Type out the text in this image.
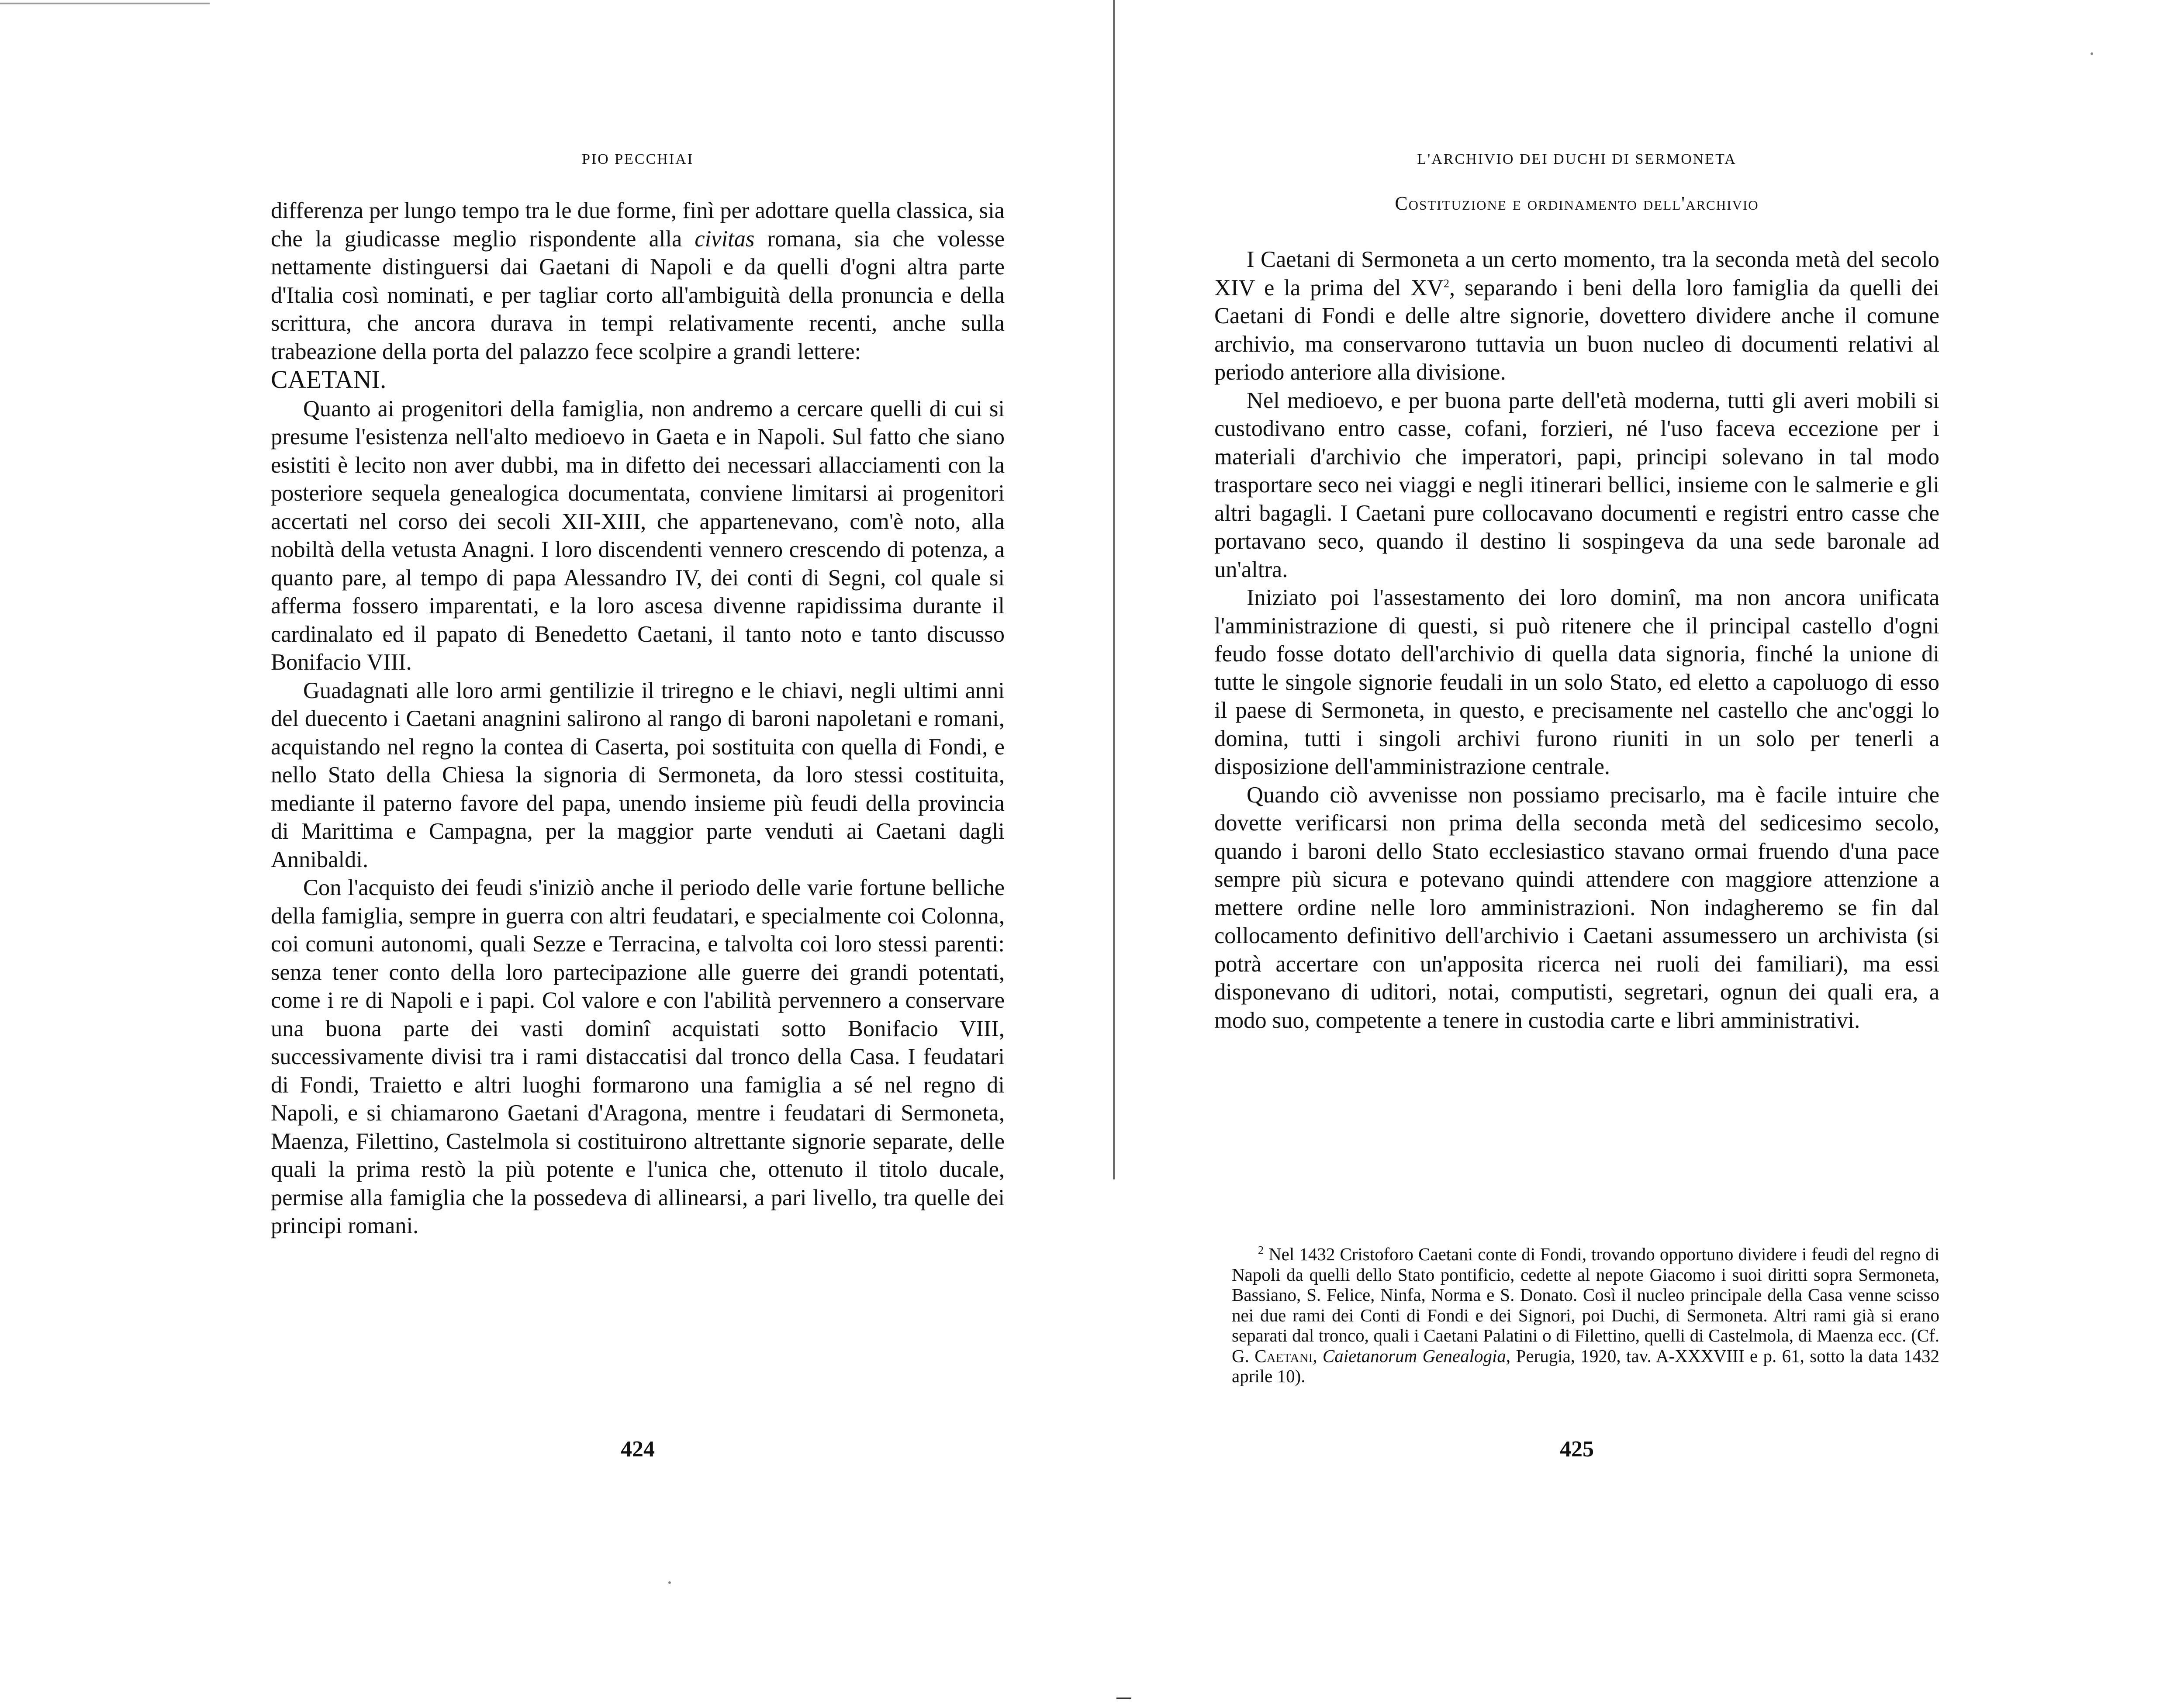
PIO PECCHIAI

differenza per lungo tempo tra le due forme, finì per adottare quella classica, sia che la giudicasse meglio rispondente alla civitas romana, sia che volesse nettamente distinguersi dai Gaetani di Napoli e da quelli d'ogni altra parte d'Italia così nominati, e per tagliar corto all'ambiguità della pronuncia e della scrittura, che ancora durava in tempi relativamente recenti, anche sulla trabeazione della porta del palazzo fece scolpire a grandi lettere:
CAETANI.

Quanto ai progenitori della famiglia, non andremo a cercare quelli di cui si presume l'esistenza nell'alto medioevo in Gaeta e in Napoli. Sul fatto che siano esistiti è lecito non aver dubbi, ma in difetto dei necessari allacciamenti con la posteriore sequela genealogica documentata, conviene limitarsi ai progenitori accertati nel corso dei secoli XII-XIII, che appartenevano, com'è noto, alla nobiltà della vetusta Anagni. I loro discendenti vennero crescendo di potenza, a quanto pare, al tempo di papa Alessandro IV, dei conti di Segni, col quale si afferma fossero imparentati, e la loro ascesa divenne rapidissima durante il cardinalato ed il papato di Benedetto Caetani, il tanto noto e tanto discusso Bonifacio VIII.

Guadagnati alle loro armi gentilizie il triregno e le chiavi, negli ultimi anni del duecento i Caetani anagnini salirono al rango di baroni napoletani e romani, acquistando nel regno la contea di Caserta, poi sostituita con quella di Fondi, e nello Stato della Chiesa la signoria di Sermoneta, da loro stessi costituita, mediante il paterno favore del papa, unendo insieme più feudi della provincia di Marittima e Campagna, per la maggior parte venduti ai Caetani dagli Annibaldi.

Con l'acquisto dei feudi s'iniziò anche il periodo delle varie fortune belliche della famiglia, sempre in guerra con altri feudatari, e specialmente coi Colonna, coi comuni autonomi, quali Sezze e Terracina, e talvolta coi loro stessi parenti: senza tener conto della loro partecipazione alle guerre dei grandi potentati, come i re di Napoli e i papi. Col valore e con l'abilità pervennero a conservare una buona parte dei vasti dominî acquistati sotto Bonifacio VIII, successivamente divisi tra i rami distaccatisi dal tronco della Casa. I feudatari di Fondi, Traietto e altri luoghi formarono una famiglia a sé nel regno di Napoli, e si chiamarono Gaetani d'Aragona, mentre i feudatari di Sermoneta, Maenza, Filettino, Castelmola si costituirono altrettante signorie separate, delle quali la prima restò la più potente e l'unica che, ottenuto il titolo ducale, permise alla famiglia che la possedeva di allinearsi, a pari livello, tra quelle dei principi romani.

424
L'ARCHIVIO DEI DUCHI DI SERMONETA
Costituzione e ordinamento dell'archivio

I Caetani di Sermoneta a un certo momento, tra la seconda metà del secolo XIV e la prima del $XV^2$, separando i beni della loro famiglia da quelli dei Caetani di Fondi e delle altre signorie, dovettero dividere anche il comune archivio, ma conservarono tuttavia un buon nucleo di documenti relativi al periodo anteriore alla divisione.

Nel medioevo, e per buona parte dell'età moderna, tutti gli averi mobili si custodivano entro casse, cofani, forzieri, né l'uso faceva eccezione per i materiali d'archivio che imperatori, papi, principi solevano in tal modo trasportare seco nei viaggi e negli itinerari bellici, insieme con le salmerie e gli altri bagagli. I Caetani pure collocavano documenti e registri entro casse che portavano seco, quando il destino li sospingeva da una sede baronale ad un'altra.

Iniziato poi l'assestamento dei loro dominî, ma non ancora unificata l'amministrazione di questi, si può ritenere che il principal castello d'ogni feudo fosse dotato dell'archivio di quella data signoria, finché la unione di tutte le singole signorie feudali in un solo Stato, ed eletto a capoluogo di esso il paese di Sermoneta, in questo, e precisamente nel castello che anc'oggi lo domina, tutti i singoli archivi furono riuniti in un solo per tenerli a disposizione dell'amministrazione centrale.

Quando ciò avvenisse non possiamo precisarlo, ma è facile intuire che dovette verificarsi non prima della seconda metà del sedicesimo secolo, quando i baroni dello Stato ecclesiastico stavano ormai fruendo d'una pace sempre più sicura e potevano quindi attendere con maggiore attenzione a mettere ordine nelle loro amministrazioni. Non indagheremo se fin dal collocamento definitivo dell'archivio i Caetani assumessero un archivista (si potrà accertare con un'apposita ricerca nei ruoli dei familiari), ma essi disponevano di uditori, notai, computisti, segretari, ognun dei quali era, a modo suo, competente a tenere in custodia carte e libri amministrativi.

$^2$ Nel 1432 Cristoforo Caetani conte di Fondi, trovando opportuno dividere i feudi del regno di Napoli da quelli dello Stato pontificio, cedette al nepote Giacomo i suoi diritti sopra Sermoneta, Bassiano, S. Felice, Ninfa, Norma e S. Donato. Così il nucleo principale della Casa venne scisso nei due rami dei Conti di Fondi e dei Signori, poi Duchi, di Sermoneta. Altri rami già si erano separati dal tronco, quali i Caetani Palatini o di Filettino, quelli di Castelmola, di Maenza ecc. (Cf. G. Caetani, Caietanorum Genealogia, Perugia, 1920, tav. A-XXXVIII e p. 61, sotto la data 1432 aprile 10).

425
